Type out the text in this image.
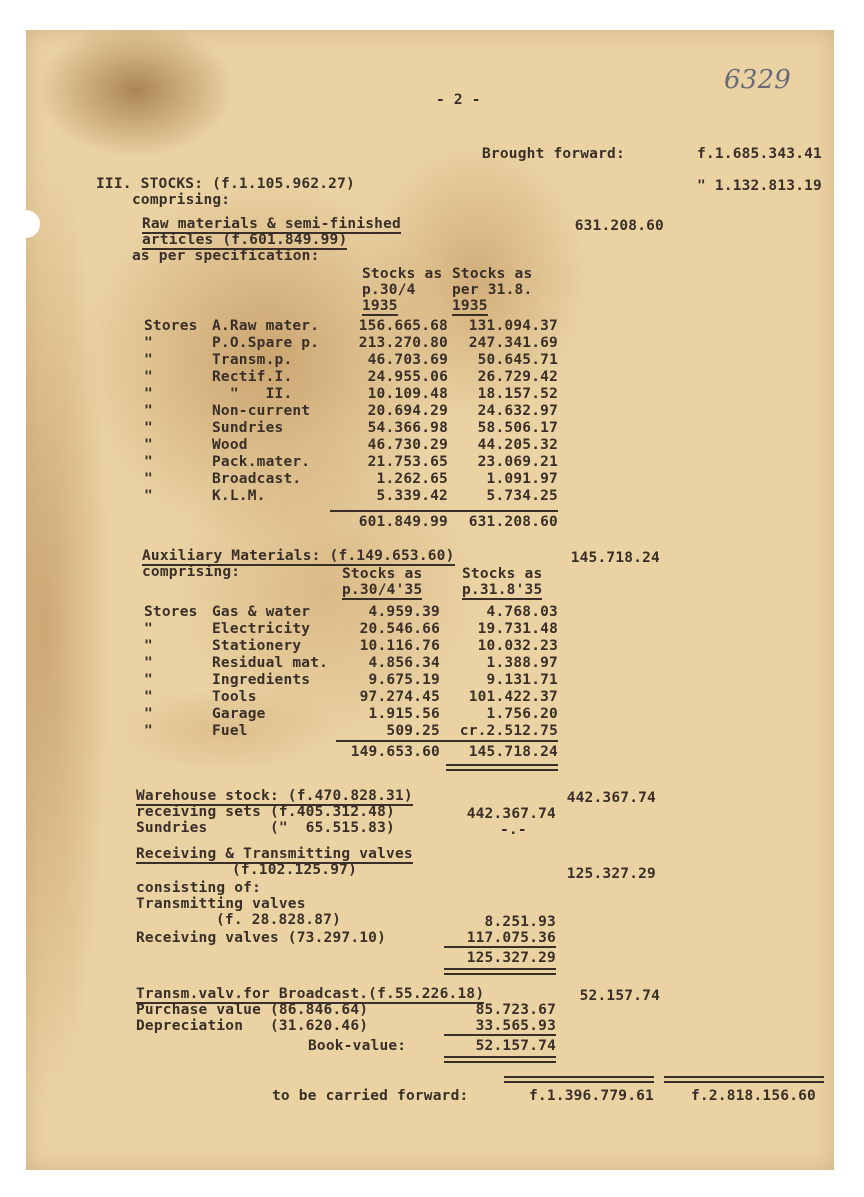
6329
- 2 -
Brought forward:	f.1.685.343.41
III. STOCKS: (f.1.105.962.27)	" 1.132.813.19
comprising:
Raw materials & semi-finished
articles (f.601.849.99)
as per specification:
631.208.60
Stocks as
p.30/4
1935
Stocks as
per 31.8.
1935
Stores A.Raw mater.	156.665.68	131.094.37
"	P.O.Spare p.	213.270.80	247.341.69
"	Transm.p.	46.703.69	50.645.71
"	Rectif.I.	24.955.06	26.729.42
"	"   II.	10.109.48	18.157.52
"	Non-current	20.694.29	24.632.97
"	Sundries	54.366.98	58.506.17
"	Wood	46.730.29	44.205.32
"	Pack.mater.	21.753.65	23.069.21
"	Broadcast.	1.262.65	1.091.97
"	K.L.M.	5.339.42	5.734.25
601.849.99	631.208.60
Auxiliary Materials: (f.149.653.60)	145.718.24
comprising:	Stocks as
p.30/4'35
Stocks as
p.31.8'35
Stores Gas & water	4.959.39	4.768.03
"	Electricity	20.546.66	19.731.48
"	Stationery	10.116.76	10.032.23
"	Residual mat.	4.856.34	1.388.97
"	Ingredients	9.675.19	9.131.71
"	Tools	97.274.45	101.422.37
"	Garage	1.915.56	1.756.20
"	Fuel	509.25	cr.2.512.75
149.653.60	145.718.24
Warehouse stock: (f.470.828.31)	442.367.74
receiving sets (f.405.312.48)	442.367.74
Sundries       ("  65.515.83)	-.-
Receiving & Transmitting valves
(f.102.125.97)	125.327.29
consisting of:
Transmitting valves
(f. 28.828.87)	8.251.93
Receiving valves (73.297.10)	117.075.36
125.327.29
Transm.valv.for Broadcast.(f.55.226.18)	52.157.74
Purchase value (86.846.64)	85.723.67
Depreciation   (31.620.46)	33.565.93
Book-value:	52.157.74
to be carried forward:	f.1.396.779.61	f.2.818.156.60
